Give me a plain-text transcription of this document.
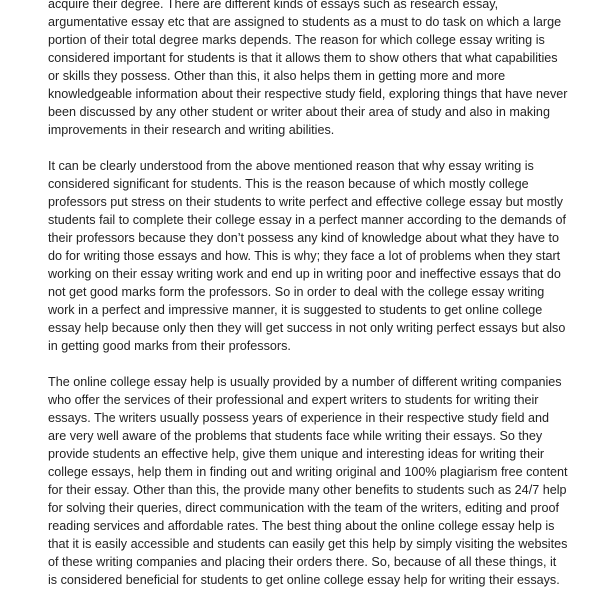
acquire their degree. There are different kinds of essays such as research essay,
argumentative essay etc that are assigned to students as a must to do task on which a large
portion of their total degree marks depends. The reason for which college essay writing is
considered important for students is that it allows them to show others that what capabilities
or skills they possess. Other than this, it also helps them in getting more and more
knowledgeable information about their respective study field, exploring things that have never
been discussed by any other student or writer about their area of study and also in making
improvements in their research and writing abilities.
It can be clearly understood from the above mentioned reason that why essay writing is
considered significant for students. This is the reason because of which mostly college
professors put stress on their students to write perfect and effective college essay but mostly
students fail to complete their college essay in a perfect manner according to the demands of
their professors because they don’t possess any kind of knowledge about what they have to
do for writing those essays and how. This is why; they face a lot of problems when they start
working on their essay writing work and end up in writing poor and ineffective essays that do
not get good marks form the professors. So in order to deal with the college essay writing
work in a perfect and impressive manner, it is suggested to students to get online college
essay help because only then they will get success in not only writing perfect essays but also
in getting good marks from their professors.
The online college essay help is usually provided by a number of different writing companies
who offer the services of their professional and expert writers to students for writing their
essays. The writers usually possess years of experience in their respective study field and
are very well aware of the problems that students face while writing their essays. So they
provide students an effective help, give them unique and interesting ideas for writing their
college essays, help them in finding out and writing original and 100% plagiarism free content
for their essay. Other than this, the provide many other benefits to students such as 24/7 help
for solving their queries, direct communication with the team of the writers, editing and proof
reading services and affordable rates. The best thing about the online college essay help is
that it is easily accessible and students can easily get this help by simply visiting the websites
of these writing companies and placing their orders there. So, because of all these things, it
is considered beneficial for students to get online college essay help for writing their essays.
